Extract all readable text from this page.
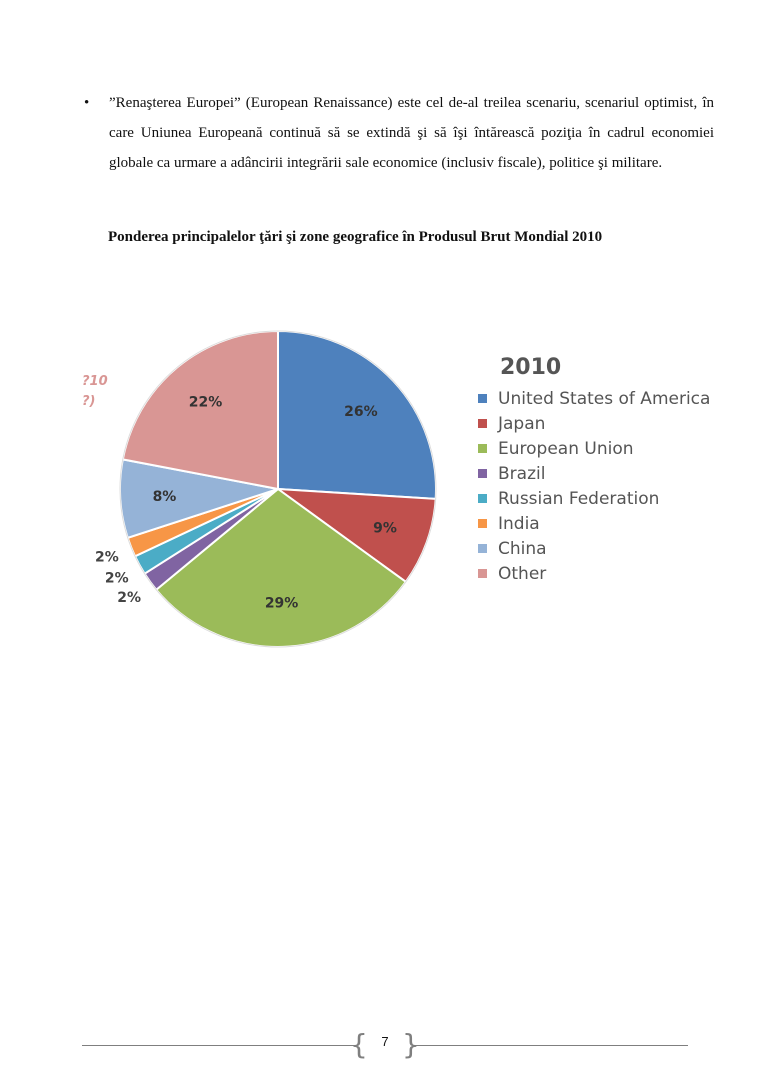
• ”Renaşterea Europei” (European Renaissance) este cel de-al treilea scenariu, scenariul optimist, în care Uniunea Europeană continuă să se extindă şi să îşi întărească poziţia în cadrul economiei globale ca urmare a adâncirii integrării sale economice (inclusiv fiscale), politice şi militare.
Ponderea principalelor ţări şi zone geografice în Produsul Brut Mondial 2010
26%
9%
29%
2%
2%
2%
8%
22%
2010
United States of America
Japan
European Union
Brazil
Russian Federation
India
China
Other
?10
?)
{ }
7
